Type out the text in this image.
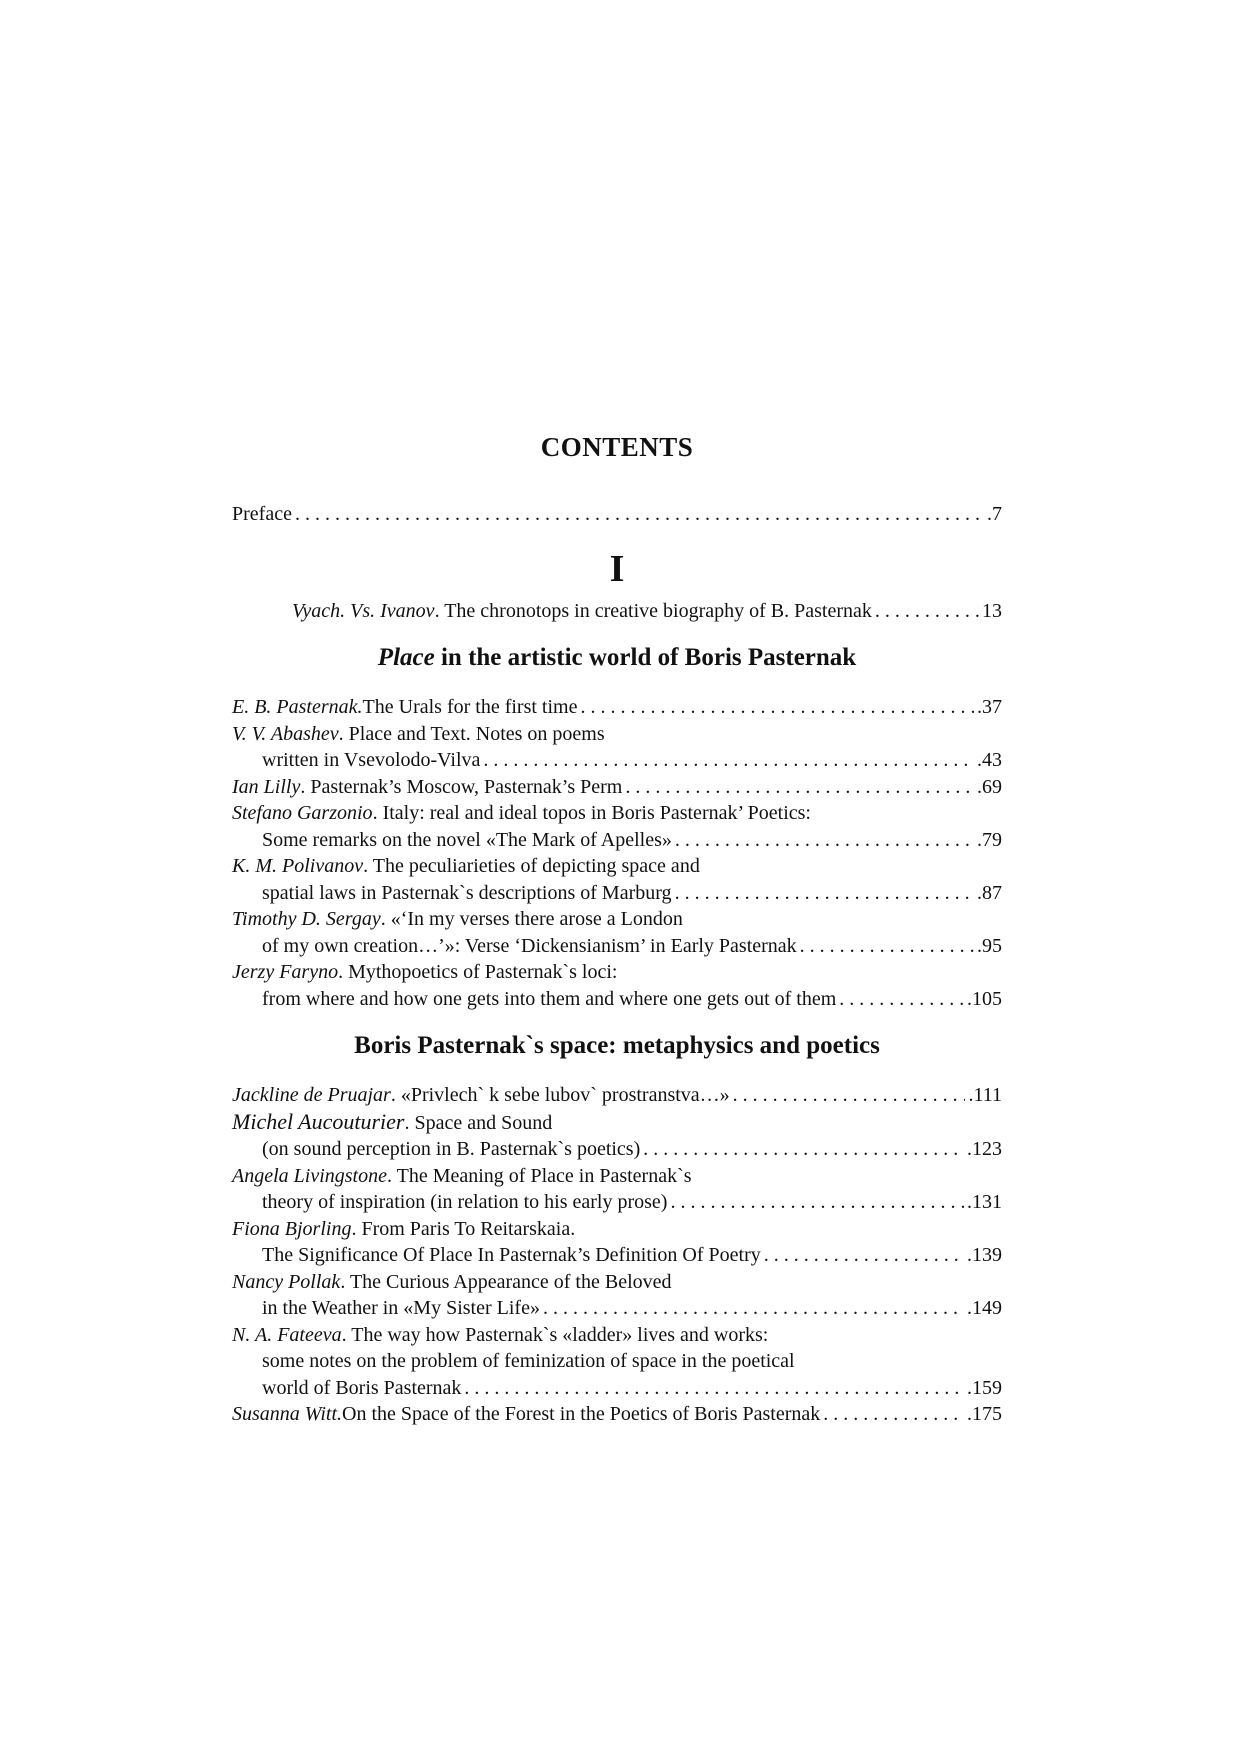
CONTENTS
Preface . . .	.7
I
Vyach. Vs. Ivanov . The chronotops in creative biography of B. Pasternak . . .	13
Place in the artistic world of Boris Pasternak
E. B. Pasternak. The Urals for the first time . . .	.37
V. V. Abashev. Place and Text. Notes on poems
written in Vsevolodo-Vilva . . .	.43
Ian Lilly . Pasternak’s Moscow, Pasternak’s Perm . . .	.69
Stefano Garzonio. Italy: real and ideal topos in Boris Pasternak’ Poetics:
Some remarks on the novel «The Mark of Apelles» . . .	.79
K. M. Polivanov. The peculiarieties of depicting space and
spatial laws in Pasternak`s descriptions of Marburg . . .	.87
Timothy D. Sergay. «‘In my verses there arose a London
of my own creation…’»: Verse ‘Dickensianism’ in Early Pasternak . . .	.95
Jerzy Faryno. Mythopoetics of Pasternak`s loci:
from where and how one gets into them and where one gets out of them . . .	.105
Boris Pasternak`s space: metaphysics and poetics
Jackline de Pruajar . «Privlech` k sebe lubov` prostranstva…» . . .	.111
Michel Aucouturier. Space and Sound
(on sound perception in B. Pasternak`s poetics) . . .	.123
Angela Livingstone. The Meaning of Place in Pasternak`s
theory of inspiration (in relation to his early prose) . . .	.131
Fiona Bjorling. From Paris To Reitarskaia.
The Significance Of Place In Pasternak’s Definition Of Poetry . . .	.139
Nancy Pollak. The Curious Appearance of the Beloved
in the Weather in «My Sister Life» . . .	.149
N. A. Fateeva. The way how Pasternak`s «ladder» lives and works:
some notes on the problem of feminization of space in the poetical
world of Boris Pasternak . . .	.159
Susanna Witt. On the Space of the Forest in the Poetics of Boris Pasternak . . .	.175
